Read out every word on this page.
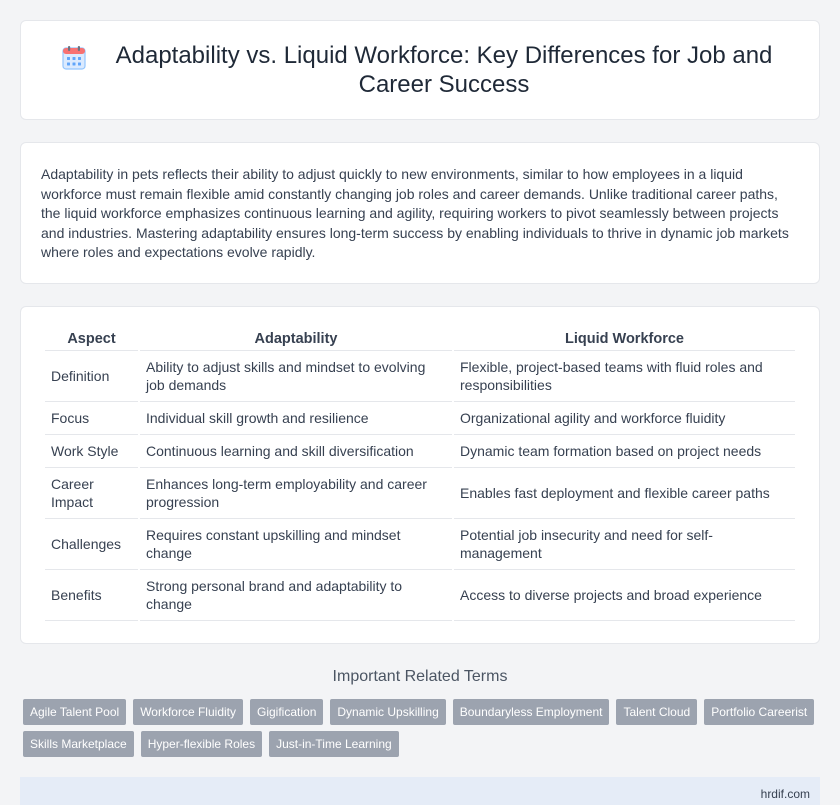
Adaptability vs. Liquid Workforce: Key Differences for Job and Career Success

Adaptability in pets reflects their ability to adjust quickly to new environments, similar to how employees in a liquid workforce must remain flexible amid constantly changing job roles and career demands. Unlike traditional career paths, the liquid workforce emphasizes continuous learning and agility, requiring workers to pivot seamlessly between projects and industries. Mastering adaptability ensures long-term success by enabling individuals to thrive in dynamic job markets where roles and expectations evolve rapidly.

Aspect	Adaptability	Liquid Workforce
Definition	Ability to adjust skills and mindset to evolving job demands	Flexible, project-based teams with fluid roles and responsibilities
Focus	Individual skill growth and resilience	Organizational agility and workforce fluidity
Work Style	Continuous learning and skill diversification	Dynamic team formation based on project needs
Career Impact	Enhances long-term employability and career progression	Enables fast deployment and flexible career paths
Challenges	Requires constant upskilling and mindset change	Potential job insecurity and need for self-management
Benefits	Strong personal brand and adaptability to change	Access to diverse projects and broad experience
Important Related Terms
Agile Talent Pool	Workforce Fluidity	Gigification	Dynamic Upskilling	Boundaryless Employment	Talent Cloud	Portfolio Careerist
Skills Marketplace	Hyper-flexible Roles	Just-in-Time Learning
hrdif.com
